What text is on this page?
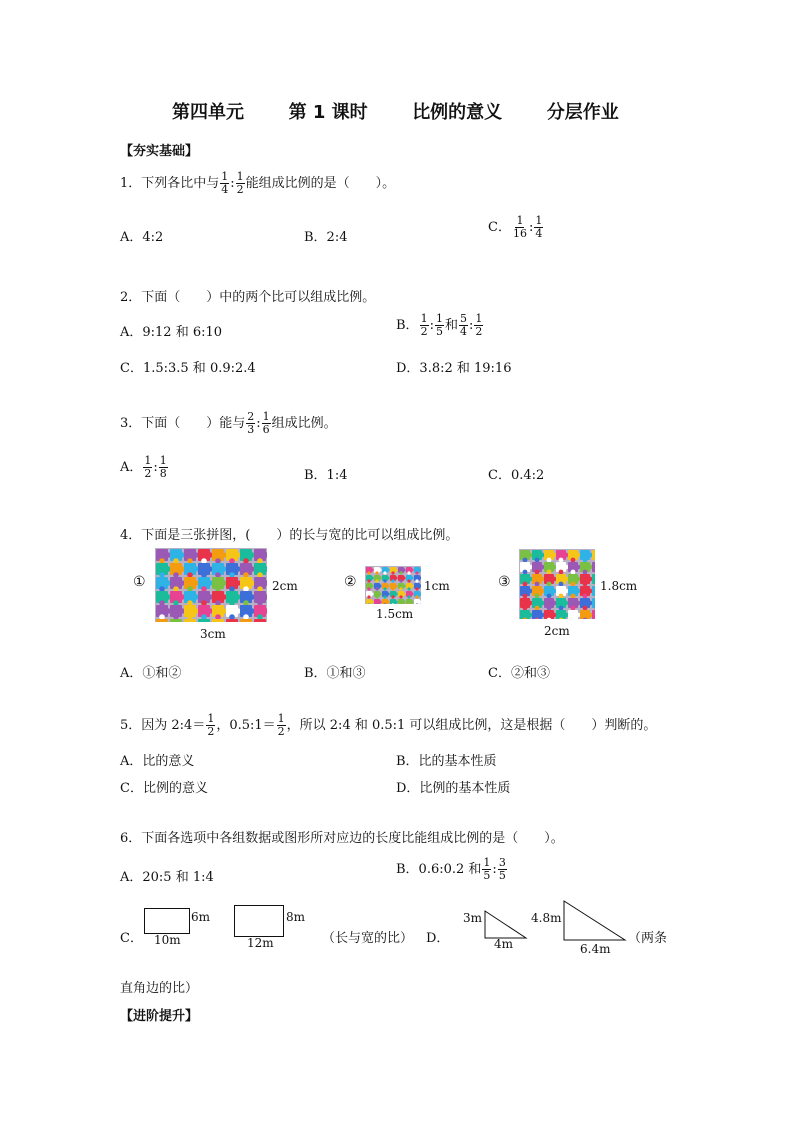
第四单元 第 1 课时 比例的意义 分层作业
【夯实基础】
1．下列各比中与 $\frac{1}{4}$ : $\frac{1}{2}$ 能组成比例的是（　　）。
A．4:2	B．2:4
C． $\frac{1}{16}$ : $\frac{1}{4}$
2．下面（　　）中的两个比可以组成比例。
A．9:12 和 6:10	B． $\frac{1}{2}$ : $\frac{1}{5}$ 和 $\frac{5}{4}$ : $\frac{1}{2}$
C．1.5:3.5 和 0.9:2.4	D．3.8:2 和 19:16
3．下面（　　）能与 $\frac{2}{3}$ : $\frac{1}{6}$ 组成比例。
A． $\frac{1}{2}$ : $\frac{1}{8}$	B．1:4	C．0.4:2
4．下面是三张拼图，(　　）的长与宽的比可以组成比例。
①	2cm
3cm
②	1cm
1.5cm
③	1.8cm
2cm
A．①和②	B．①和③	C．②和③
5．因为 2:4＝ $\frac{1}{2}$ ，0.5:1＝ $\frac{1}{2}$ ，所以 2:4 和 0.5:1 可以组成比例，这是根据（　　）判断的。
A．比的意义	B．比的基本性质
C．比例的意义	D．比例的基本性质
6．下面各选项中各组数据或图形所对应边的长度比能组成比例的是（　　）。
A．20:5 和 1:4
B．0.6:0.2 和 $\frac{1}{5}$ : $\frac{3}{5}$
C．
6m
10m
8m
12m	（长与宽的比） D．
3m
4m
4.8m
6.4m
（两条
直角边的比）
【进阶提升】
